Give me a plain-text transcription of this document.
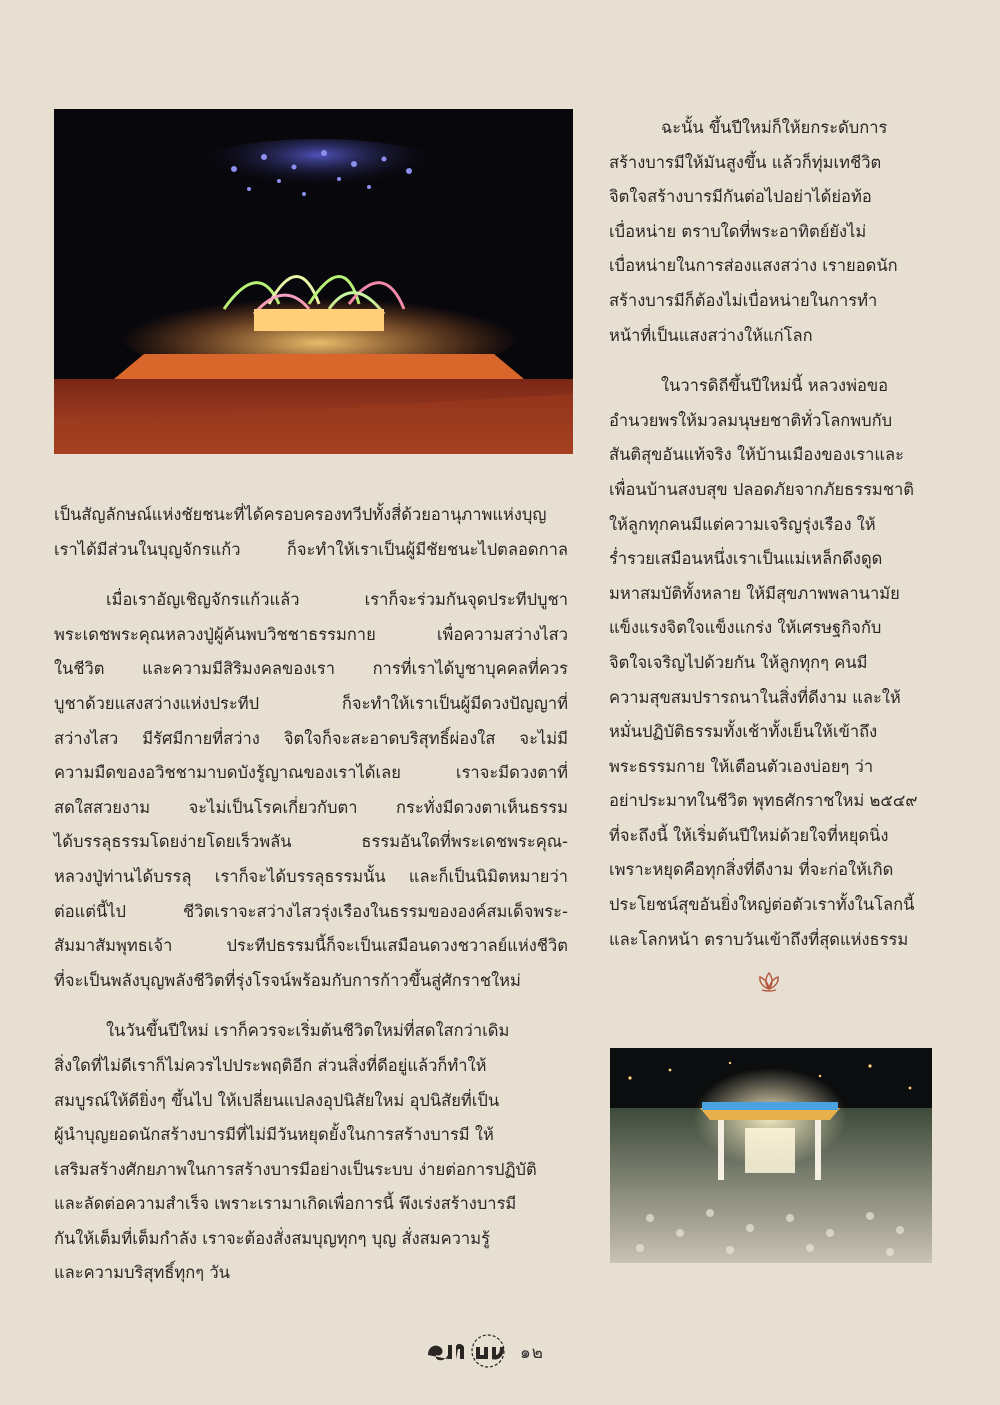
เป็นสัญลักษณ์แห่งชัยชนะที่ได้ครอบครองทวีปทั้งสี่ด้วยอานุภาพแห่งบุญ
เราได้มีส่วนในบุญจักรแก้ว ก็จะทำให้เราเป็นผู้มีชัยชนะไปตลอดกาล

เมื่อเราอัญเชิญจักรแก้วแล้ว เราก็จะร่วมกันจุดประทีปบูชา
พระเดชพระคุณหลวงปู่ผู้ค้นพบวิชชาธรรมกาย เพื่อความสว่างไสว
ในชีวิต และความมีสิริมงคลของเรา การที่เราได้บูชาบุคคลที่ควร
บูชาด้วยแสงสว่างแห่งประทีป ก็จะทำให้เราเป็นผู้มีดวงปัญญาที่
สว่างไสว มีรัศมีกายที่สว่าง จิตใจก็จะสะอาดบริสุทธิ์ผ่องใส จะไม่มี
ความมืดของอวิชชามาบดบังรู้ญาณของเราได้เลย เราจะมีดวงตาที่
สดใสสวยงาม จะไม่เป็นโรคเกี่ยวกับตา กระทั่งมีดวงตาเห็นธรรม
ได้บรรลุธรรมโดยง่ายโดยเร็วพลัน ธรรมอันใดที่พระเดชพระคุณ-
หลวงปู่ท่านได้บรรลุ เราก็จะได้บรรลุธรรมนั้น และก็เป็นนิมิตหมายว่า
ต่อแต่นี้ไป ชีวิตเราจะสว่างไสวรุ่งเรืองในธรรมขององค์สมเด็จพระ-
สัมมาสัมพุทธเจ้า ประทีปธรรมนี้ก็จะเป็นเสมือนดวงชวาลย์แห่งชีวิต
ที่จะเป็นพลังบุญพลังชีวิตที่รุ่งโรจน์พร้อมกับการก้าวขึ้นสู่ศักราชใหม่

ในวันขึ้นปีใหม่ เราก็ควรจะเริ่มต้นชีวิตใหม่ที่สดใสกว่าเดิม
สิ่งใดที่ไม่ดีเราก็ไม่ควรไปประพฤติอีก ส่วนสิ่งที่ดีอยู่แล้วก็ทำให้
สมบูรณ์ให้ดียิ่งๆ ขึ้นไป ให้เปลี่ยนแปลงอุปนิสัยใหม่ อุปนิสัยที่เป็น
ผู้นำบุญยอดนักสร้างบารมีที่ไม่มีวันหยุดยั้งในการสร้างบารมี ให้
เสริมสร้างศักยภาพในการสร้างบารมีอย่างเป็นระบบ ง่ายต่อการปฏิบัติ
และลัดต่อความสำเร็จ เพราะเรามาเกิดเพื่อการนี้ พึงเร่งสร้างบารมี
กันให้เต็มที่เต็มกำลัง เราจะต้องสั่งสมบุญทุกๆ บุญ สั่งสมความรู้
และความบริสุทธิ์ทุกๆ วัน

ฉะนั้น ขึ้นปีใหม่ก็ให้ยกระดับการ
สร้างบารมีให้มันสูงขึ้น แล้วก็ทุ่มเทชีวิต
จิตใจสร้างบารมีกันต่อไปอย่าได้ย่อท้อ
เบื่อหน่าย ตราบใดที่พระอาทิตย์ยังไม่
เบื่อหน่ายในการส่องแสงสว่าง เรายอดนัก
สร้างบารมีก็ต้องไม่เบื่อหน่ายในการทำ
หน้าที่เป็นแสงสว่างให้แก่โลก

ในวารดิถีขึ้นปีใหม่นี้ หลวงพ่อขอ
อำนวยพรให้มวลมนุษยชาติทั่วโลกพบกับ
สันติสุขอันแท้จริง ให้บ้านเมืองของเราและ
เพื่อนบ้านสงบสุข ปลอดภัยจากภัยธรรมชาติ
ให้ลูกทุกคนมีแต่ความเจริญรุ่งเรือง ให้
ร่ำรวยเสมือนหนึ่งเราเป็นแม่เหล็กดึงดูด
มหาสมบัติทั้งหลาย ให้มีสุขภาพพลานามัย
แข็งแรงจิตใจแข็งแกร่ง ให้เศรษฐกิจกับ
จิตใจเจริญไปด้วยกัน ให้ลูกทุกๆ คนมี
ความสุขสมปรารถนาในสิ่งที่ดีงาม และให้
หมั่นปฏิบัติธรรมทั้งเช้าทั้งเย็นให้เข้าถึง
พระธรรมกาย ให้เตือนตัวเองบ่อยๆ ว่า
อย่าประมาทในชีวิต พุทธศักราชใหม่ ๒๕๔๙
ที่จะถึงนี้ ให้เริ่มต้นปีใหม่ด้วยใจที่หยุดนิ่ง
เพราะหยุดคือทุกสิ่งที่ดีงาม ที่จะก่อให้เกิด
ประโยชน์สุขอันยิ่งใหญ่ต่อตัวเราทั้งในโลกนี้
และโลกหน้า ตราบวันเข้าถึงที่สุดแห่งธรรม

๑๒
